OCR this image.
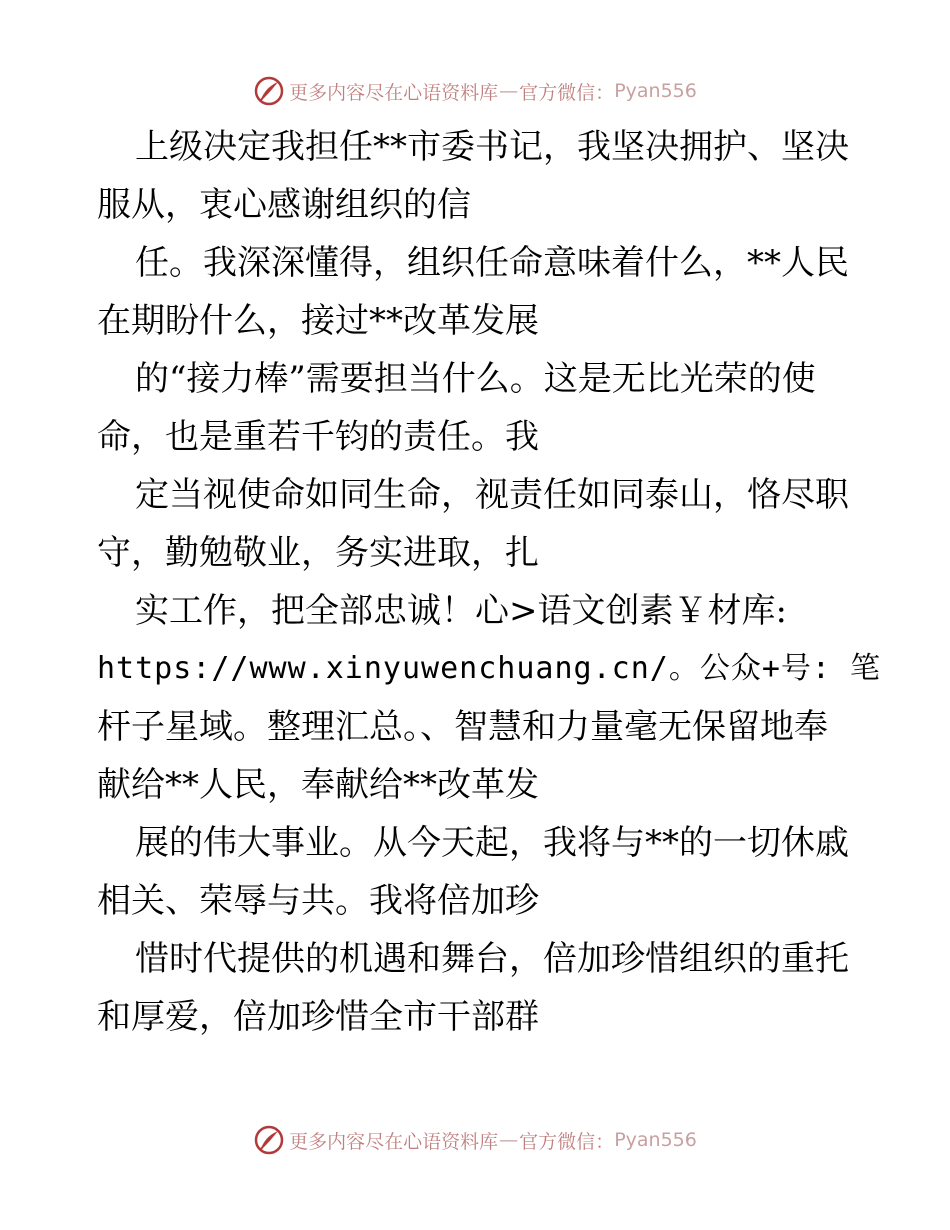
更多内容尽在心语资料库 — 官方微信： Pyan556
上级决定我担任**市委书记，我坚决拥护、坚决
服从，衷心感谢组织的信
任。我深深懂得，组织任命意味着什么，**人民
在期盼什么，接过**改革发展
的“接力棒”需要担当什么。这是无比光荣的使
命，也是重若千钧的责任。我
定当视使命如同生命，视责任如同泰山，恪尽职
守，勤勉敬业，务实进取，扎
实工作，把全部忠诚！心>语文创素￥材库:
https://www.xinyuwenchuang.cn/。公众+号: 笔
杆子星域。整理汇总。、智慧和力量毫无保留地奉
献给**人民，奉献给**改革发
展的伟大事业。从今天起，我将与**的一切休戚
相关、荣辱与共。我将倍加珍
惜时代提供的机遇和舞台，倍加珍惜组织的重托
和厚爱，倍加珍惜全市干部群
更多内容尽在心语资料库 — 官方微信： Pyan556
